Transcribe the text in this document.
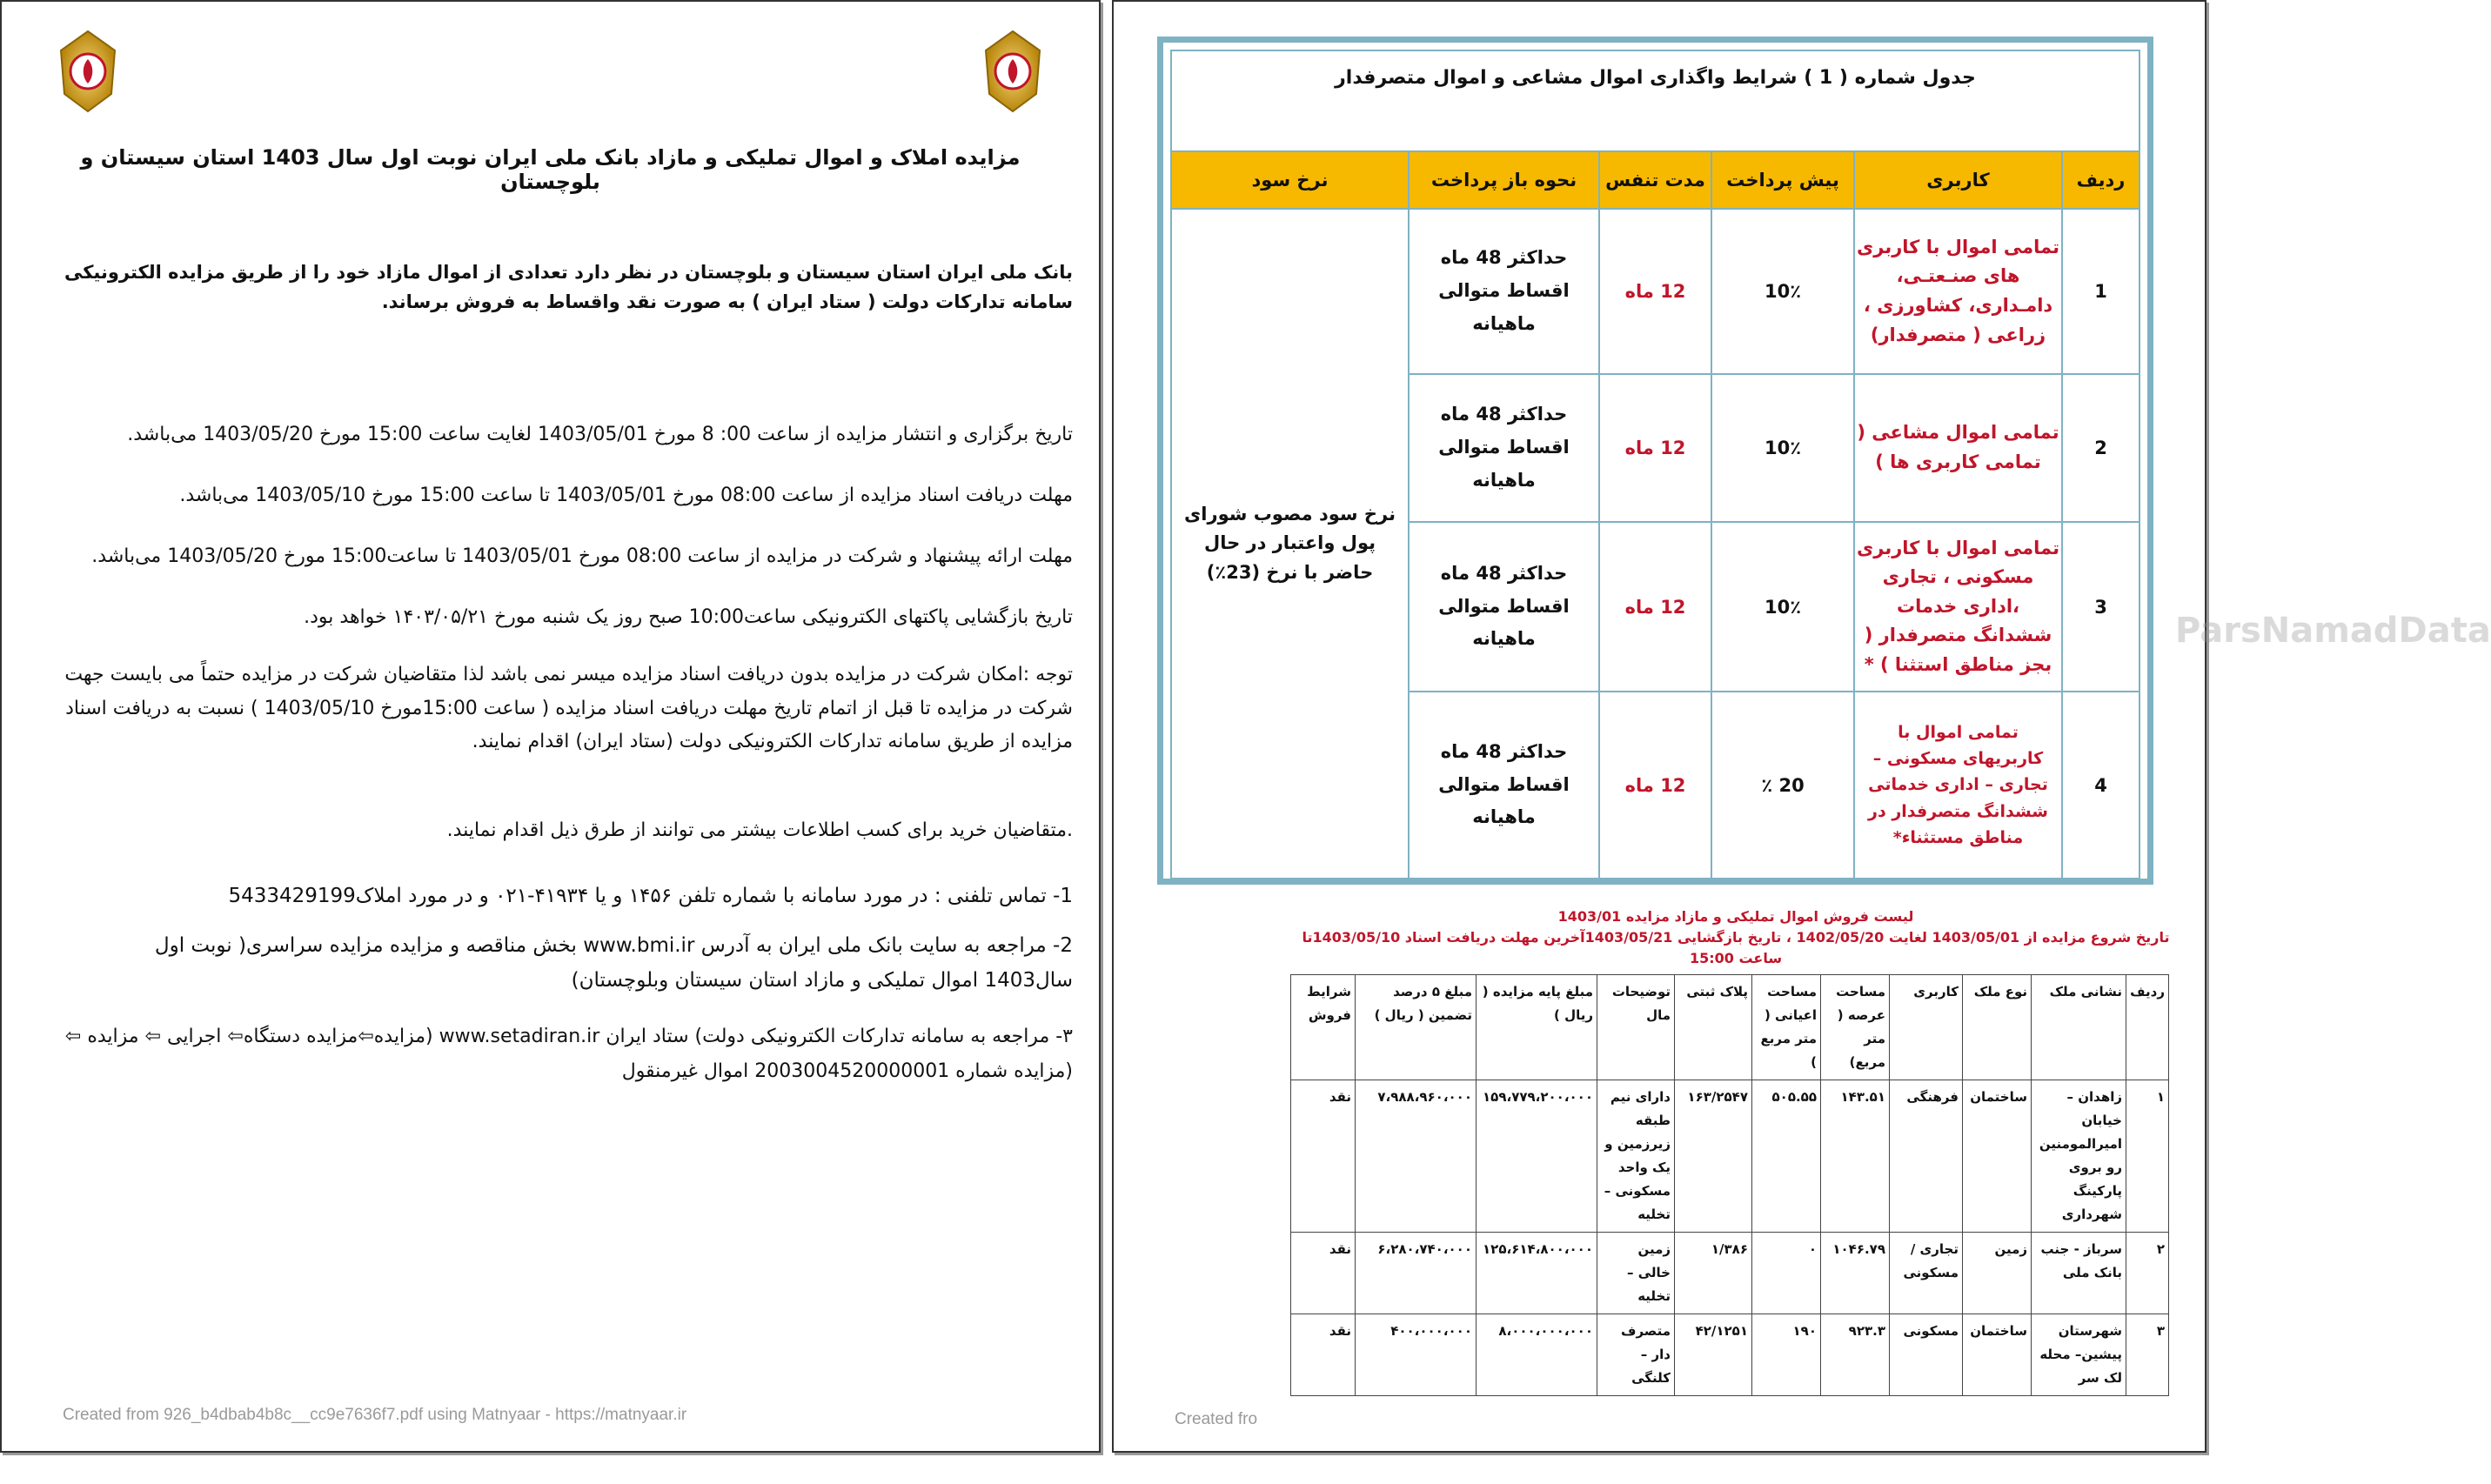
مزایده املاک و اموال تملیکی و مازاد بانک ملی ایران نوبت اول سال 1403 استان سیستان و بلوچستان
بانک ملی ایران استان سیستان و بلوچستان در نظر دارد تعدادی از اموال مازاد خود را از طریق مزایده الکترونیکی سامانه تدارکات دولت ( ستاد ایران ) به صورت نقد واقساط به فروش برساند.
تاریخ برگزاری و انتشار مزایده از ساعت 00: 8 مورخ 1403/05/01 لغایت ساعت 15:00 مورخ 1403/05/20 می‌باشد.
مهلت دریافت اسناد مزایده از ساعت 08:00 مورخ 1403/05/01 تا ساعت 15:00 مورخ 1403/05/10 می‌باشد.
مهلت ارائه پیشنهاد و شرکت در مزایده از ساعت 08:00 مورخ 1403/05/01 تا ساعت15:00 مورخ 1403/05/20 می‌باشد.
تاریخ بازگشایی پاکتهای الکترونیکی ساعت10:00 صبح روز یک شنبه مورخ ۱۴۰۳/۰۵/۲۱ خواهد بود.
توجه :امکان شرکت در مزایده بدون دریافت اسناد مزایده میسر نمی باشد لذا متقاضیان شرکت در مزایده حتماً می بایست جهت شرکت در مزایده تا قبل از اتمام تاریخ مهلت دریافت اسناد مزایده ( ساعت 15:00مورخ 1403/05/10 ) نسبت به دریافت اسناد مزایده از طریق سامانه تدارکات الکترونیکی دولت (ستاد ایران) اقدام نمایند.
.متقاضیان خرید برای کسب اطلاعات بیشتر می توانند از طرق ذیل اقدام نمایند.
1- تماس تلفنی : در مورد سامانه با شماره تلفن ۱۴۵۶ و یا ۴۱۹۳۴-۰۲۱ و در مورد املاک5433429199
2- مراجعه به سایت بانک ملی ایران به آدرس www.bmi.ir بخش مناقصه و مزایده مزایده سراسری( نوبت اول سال1403 اموال تملیکی و مازاد استان سیستان وبلوچستان)
۳- مراجعه به سامانه تدارکات الکترونیکی دولت) ستاد ایران www.setadiran.ir (مزایده⇦مزایده دستگاه⇦ اجرایی ⇦ مزایده ⇦ (مزایده شماره 2003004520000001 اموال غیرمنقول
Created from 926_b4dbab4b8c__cc9e7636f7.pdf using Matnyaar - https://matnyaar.ir
جدول شماره ( 1 ) شرایط واگذاری اموال مشاعی و اموال متصرفدار					
ردیف	کاربری	پیش پرداخت	مدت تنفس	نحوه باز پرداخت	نرخ سود
1	تمامی اموال با کاربری های صنـعتـی، دامـداری، کشاورزی ، زراعی ( متصرفدار)	10٪	12 ماه	حداکثر 48 ماه اقساط متوالی ماهیانه	نرخ سود مصوب شورای پول واعتبار در حال حاضر با نرخ (23٪)
2	تمامی اموال مشاعی ( تمامی کاربری ها )	10٪	12 ماه	حداکثر 48 ماه اقساط متوالی ماهیانه	
3	تمامی اموال با کاربری مسکونی ، تجاری ،اداری خدمات ششدانگ متصرفدار ( بجز مناطق استثنا ) *	10٪	12 ماه	حداکثر 48 ماه اقساط متوالی ماهیانه	
4	تمامی اموال با کاربریهای مسکونی – تجاری – اداری خدماتی ششدانگ متصرفدار در مناطق مستثناء*	20 ٪	12 ماه	حداکثر 48 ماه اقساط متوالی ماهیانه	
ParsNamadData
لیست فروش اموال تملیکی و مازاد مزایده 1403/01
تاریخ شروع مزایده از 1403/05/01 لغایت 1402/05/20 ، تاریخ بازگشایی 1403/05/21آخرین مهلت دریافت اسناد 1403/05/10تا ساعت 15:00
ردیف	نشانی ملک	نوع ملک	کاربری	مساحت عرصه ( متر مربع)	مساحت اعیانی ( متر مربع )	پلاک ثبتی	توضیحات مال	مبلغ پایه مزایده ( ریال )	مبلغ ۵ درصد تضمین ( ریال )	شرایط فروش
۱	زاهدان – خیابان امیرالمومنین رو بروی پارکینگ شهرداری	ساختمان	فرهنگی	۱۴۳.۵۱	۵۰۵.۵۵	۱۶۳/۲۵۴۷	دارای نیم طبقه زیرزمین و یک واحد مسکونی – تخلیه	۱۵۹،۷۷۹،۲۰۰،۰۰۰	۷،۹۸۸،۹۶۰،۰۰۰	نقد
۲	سرباز - جنب بانک ملی	زمین	تجاری / مسکونی	۱۰۴۶.۷۹	۰	۱/۳۸۶	زمین خالی – تخلیه	۱۲۵،۶۱۴،۸۰۰،۰۰۰	۶،۲۸۰،۷۴۰،۰۰۰	نقد
۳	شهرستان پیشین– محله لک سر	ساختمان	مسکونی	۹۲۳.۳	۱۹۰	۴۲/۱۲۵۱	متصرف دار – کلنگی	۸،۰۰۰،۰۰۰،۰۰۰	۴۰۰،۰۰۰،۰۰۰	نقد
Created fro
